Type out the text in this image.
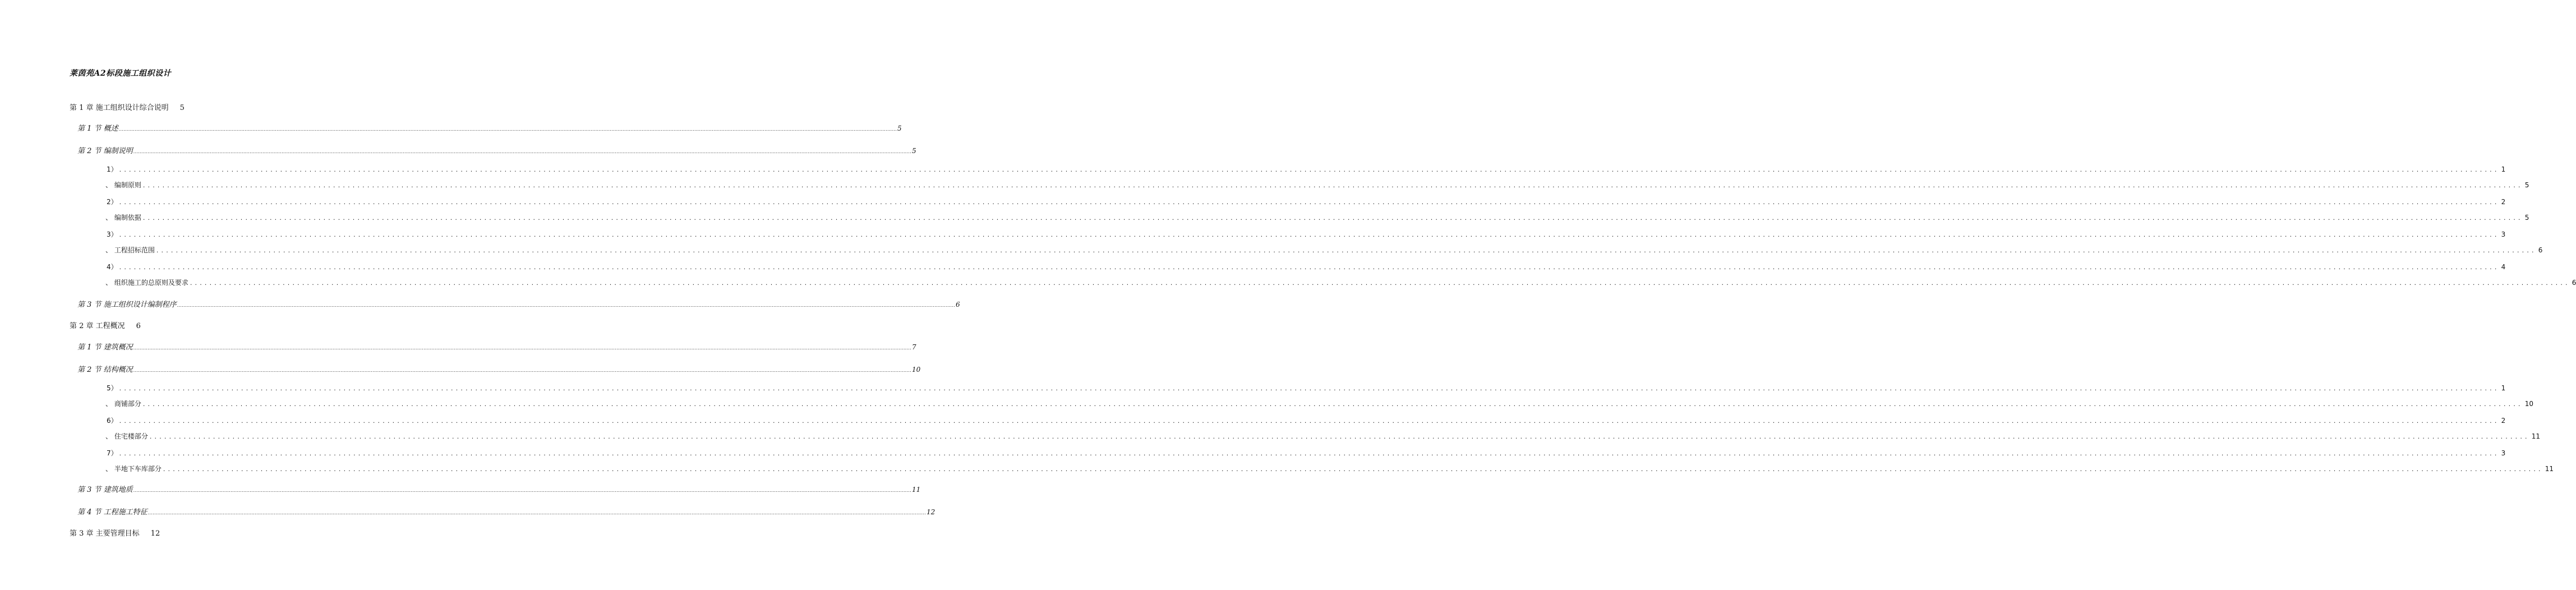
莱茵苑A2标段施工组织设计
第 1 章 施工组织设计综合说明 5
第 1 节 概述 ........................................................................................................................................................................................................................................................................................................................................................................................................................................................................................................ 5
第 2 节 编制说明 ........................................................................................................................................................................................................................................................................................................................................................................................................................................................................................................ 5
1） ........................................................................................................................................................................................................................................................................................................................................................................................................................................................................................................ 1
、 编制原则 ........................................................................................................................................................................................................................................................................................................................................................................................................................................................................................................ 5
2） ........................................................................................................................................................................................................................................................................................................................................................................................................................................................................................................ 2
、 编制依据 ........................................................................................................................................................................................................................................................................................................................................................................................................................................................................................................ 5
3） ........................................................................................................................................................................................................................................................................................................................................................................................................................................................................................................ 3
、 工程招标范围 ........................................................................................................................................................................................................................................................................................................................................................................................................................................................................................................ 6
4） ........................................................................................................................................................................................................................................................................................................................................................................................................................................................................................................ 4
、 组织施工的总原则及要求 ........................................................................................................................................................................................................................................................................................................................................................................................................................................................................................................ 6
第 3 节 施工组织设计编制程序 ........................................................................................................................................................................................................................................................................................................................................................................................................................................................................................................ 6
第 2 章 工程概况 6
第 1 节 建筑概况 ........................................................................................................................................................................................................................................................................................................................................................................................................................................................................................................ 7
第 2 节 结构概况 ........................................................................................................................................................................................................................................................................................................................................................................................................................................................................................................ 10
5） ........................................................................................................................................................................................................................................................................................................................................................................................................................................................................................................ 1
、 商铺部分 ........................................................................................................................................................................................................................................................................................................................................................................................................................................................................................................ 10
6） ........................................................................................................................................................................................................................................................................................................................................................................................................................................................................................................ 2
、 住宅楼部分 ........................................................................................................................................................................................................................................................................................................................................................................................................................................................................................................ 11
7） ........................................................................................................................................................................................................................................................................................................................................................................................................................................................................................................ 3
、 半地下车库部分 ........................................................................................................................................................................................................................................................................................................................................................................................................................................................................................................ 11
第 3 节 建筑地质 ........................................................................................................................................................................................................................................................................................................................................................................................................................................................................................................ 11
第 4 节 工程施工特征 ........................................................................................................................................................................................................................................................................................................................................................................................................................................................................................................ 12
第 3 章 主要管理目标 12
